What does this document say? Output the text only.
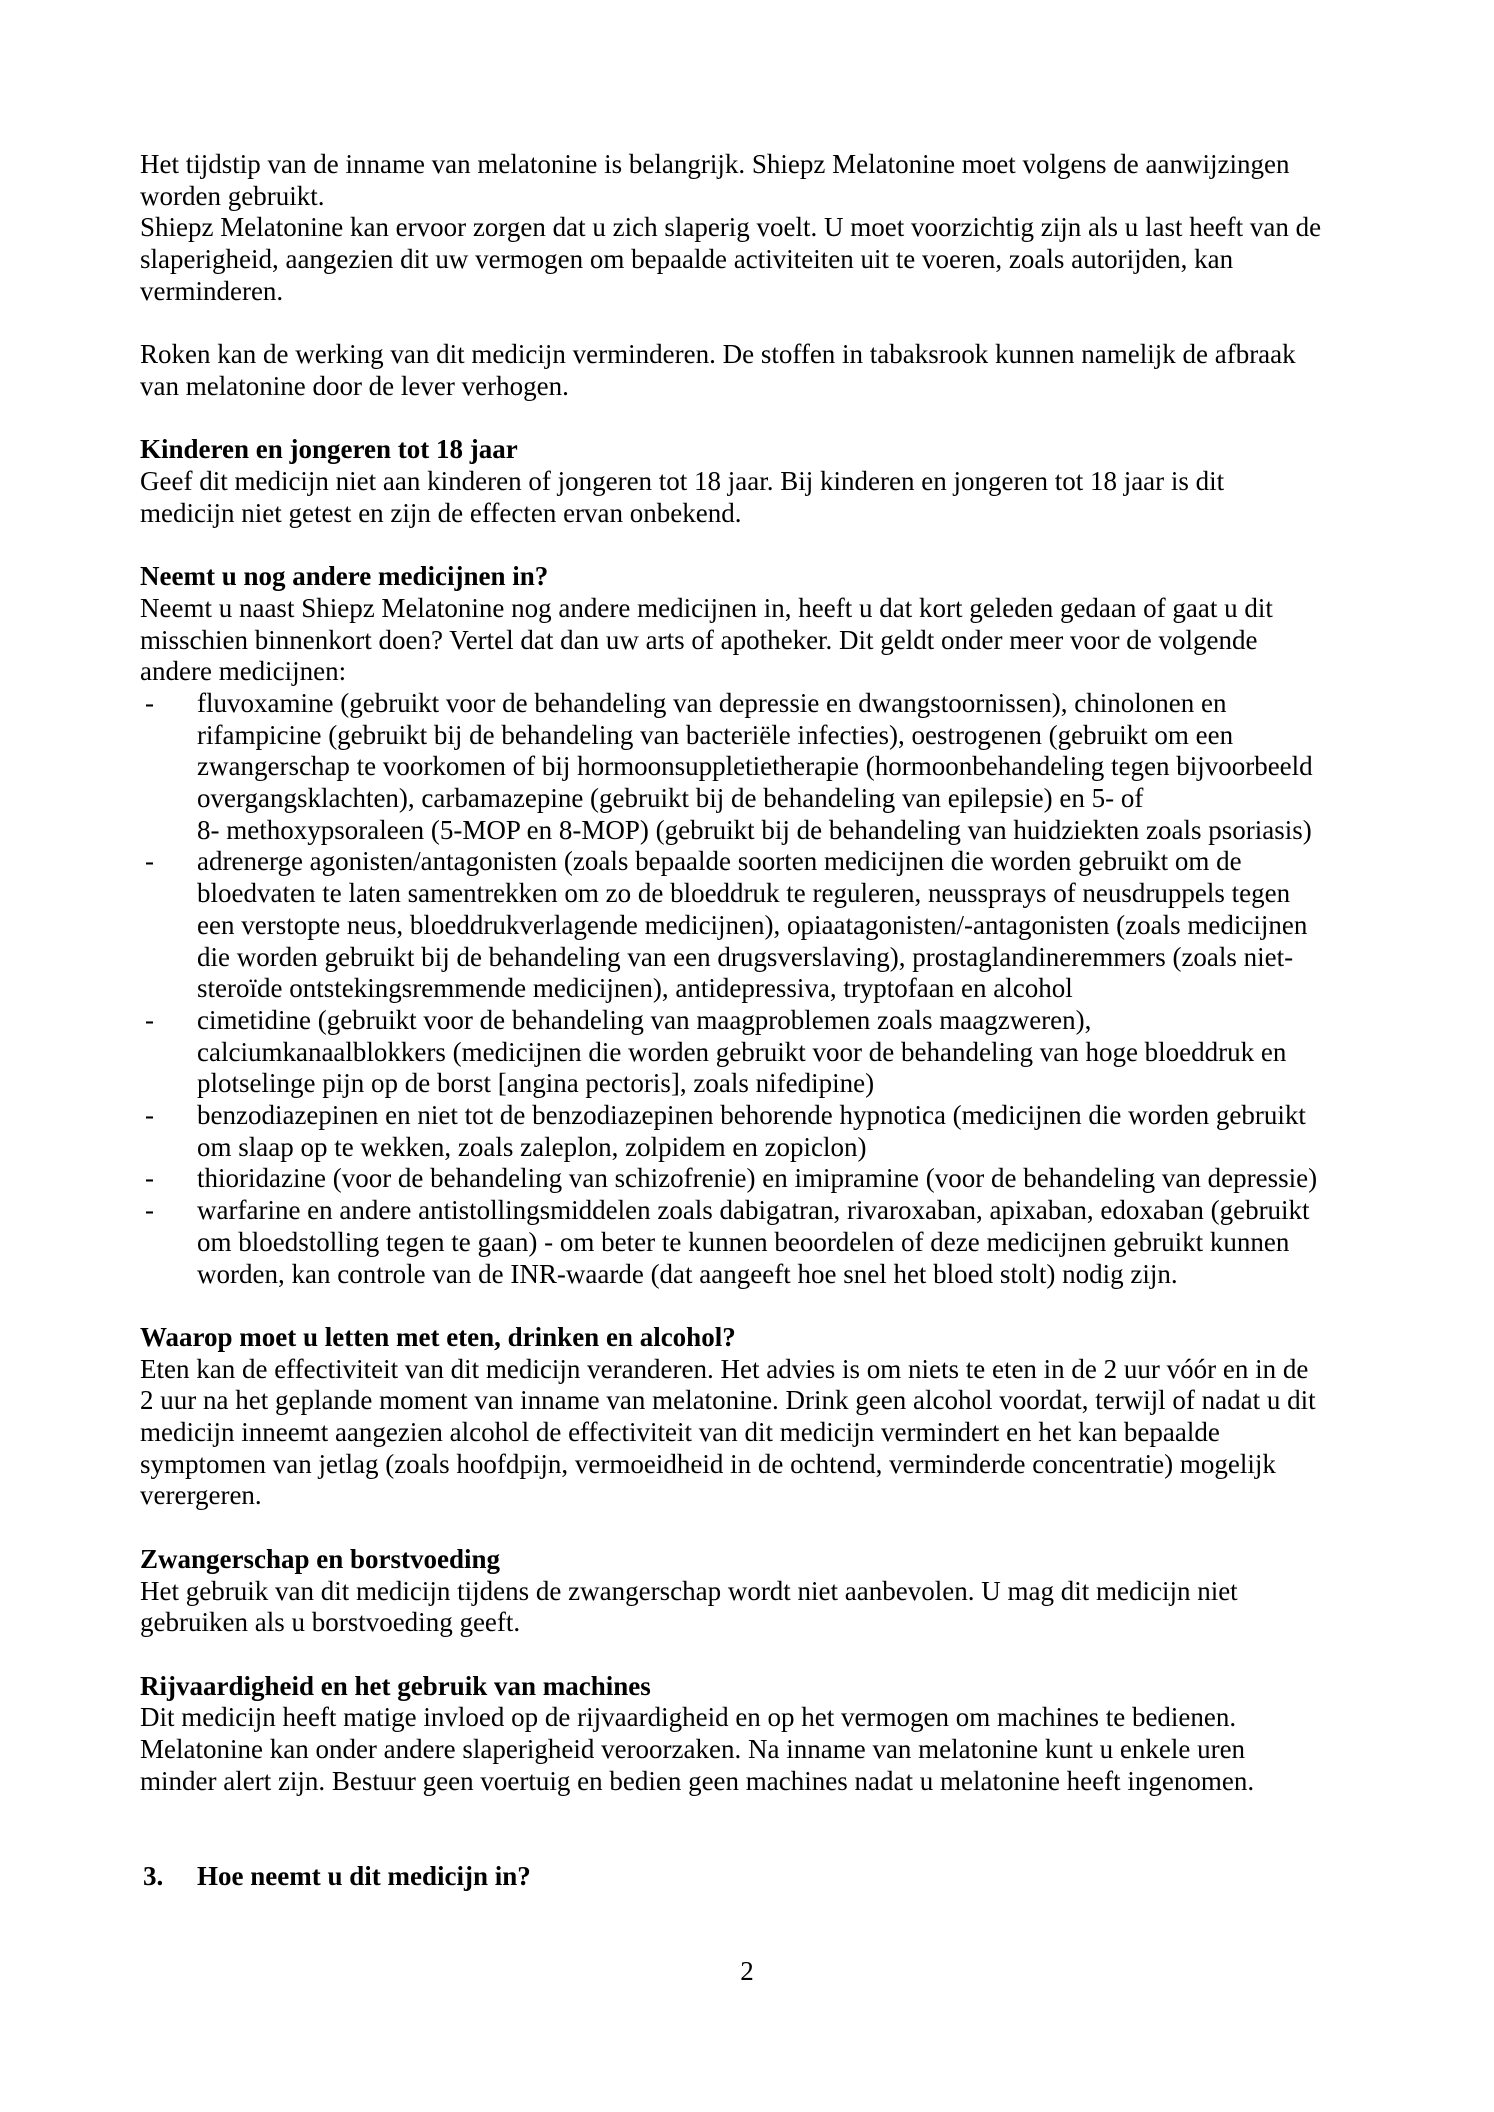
Het tijdstip van de inname van melatonine is belangrijk. Shiepz Melatonine moet volgens de aanwijzingen
worden gebruikt.
Shiepz Melatonine kan ervoor zorgen dat u zich slaperig voelt. U moet voorzichtig zijn als u last heeft van de
slaperigheid, aangezien dit uw vermogen om bepaalde activiteiten uit te voeren, zoals autorijden, kan
verminderen.
Roken kan de werking van dit medicijn verminderen. De stoffen in tabaksrook kunnen namelijk de afbraak
van melatonine door de lever verhogen.
Kinderen en jongeren tot 18 jaar
Geef dit medicijn niet aan kinderen of jongeren tot 18 jaar. Bij kinderen en jongeren tot 18 jaar is dit
medicijn niet getest en zijn de effecten ervan onbekend.
Neemt u nog andere medicijnen in?
Neemt u naast Shiepz Melatonine nog andere medicijnen in, heeft u dat kort geleden gedaan of gaat u dit
misschien binnenkort doen? Vertel dat dan uw arts of apotheker. Dit geldt onder meer voor de volgende
andere medicijnen:
- fluvoxamine (gebruikt voor de behandeling van depressie en dwangstoornissen), chinolonen en
rifampicine (gebruikt bij de behandeling van bacteriële infecties), oestrogenen (gebruikt om een
zwangerschap te voorkomen of bij hormoonsuppletietherapie (hormoonbehandeling tegen bijvoorbeeld
overgangsklachten), carbamazepine (gebruikt bij de behandeling van epilepsie) en 5- of
8- methoxypsoraleen (5-MOP en 8-MOP) (gebruikt bij de behandeling van huidziekten zoals psoriasis)
- adrenerge agonisten/antagonisten (zoals bepaalde soorten medicijnen die worden gebruikt om de
bloedvaten te laten samentrekken om zo de bloeddruk te reguleren, neussprays of neusdruppels tegen
een verstopte neus, bloeddrukverlagende medicijnen), opiaatagonisten/-antagonisten (zoals medicijnen
die worden gebruikt bij de behandeling van een drugsverslaving), prostaglandineremmers (zoals niet-
steroïde ontstekingsremmende medicijnen), antidepressiva, tryptofaan en alcohol
- cimetidine (gebruikt voor de behandeling van maagproblemen zoals maagzweren),
calciumkanaalblokkers (medicijnen die worden gebruikt voor de behandeling van hoge bloeddruk en
plotselinge pijn op de borst [angina pectoris], zoals nifedipine)
- benzodiazepinen en niet tot de benzodiazepinen behorende hypnotica (medicijnen die worden gebruikt
om slaap op te wekken, zoals zaleplon, zolpidem en zopiclon)
- thioridazine (voor de behandeling van schizofrenie) en imipramine (voor de behandeling van depressie)
- warfarine en andere antistollingsmiddelen zoals dabigatran, rivaroxaban, apixaban, edoxaban (gebruikt
om bloedstolling tegen te gaan) - om beter te kunnen beoordelen of deze medicijnen gebruikt kunnen
worden, kan controle van de INR-waarde (dat aangeeft hoe snel het bloed stolt) nodig zijn.
Waarop moet u letten met eten, drinken en alcohol?
Eten kan de effectiviteit van dit medicijn veranderen. Het advies is om niets te eten in de 2 uur vóór en in de
2 uur na het geplande moment van inname van melatonine. Drink geen alcohol voordat, terwijl of nadat u dit
medicijn inneemt aangezien alcohol de effectiviteit van dit medicijn vermindert en het kan bepaalde
symptomen van jetlag (zoals hoofdpijn, vermoeidheid in de ochtend, verminderde concentratie) mogelijk
verergeren.
Zwangerschap en borstvoeding
Het gebruik van dit medicijn tijdens de zwangerschap wordt niet aanbevolen. U mag dit medicijn niet
gebruiken als u borstvoeding geeft.
Rijvaardigheid en het gebruik van machines
Dit medicijn heeft matige invloed op de rijvaardigheid en op het vermogen om machines te bedienen.
Melatonine kan onder andere slaperigheid veroorzaken. Na inname van melatonine kunt u enkele uren
minder alert zijn. Bestuur geen voertuig en bedien geen machines nadat u melatonine heeft ingenomen.
3. Hoe neemt u dit medicijn in?
2
